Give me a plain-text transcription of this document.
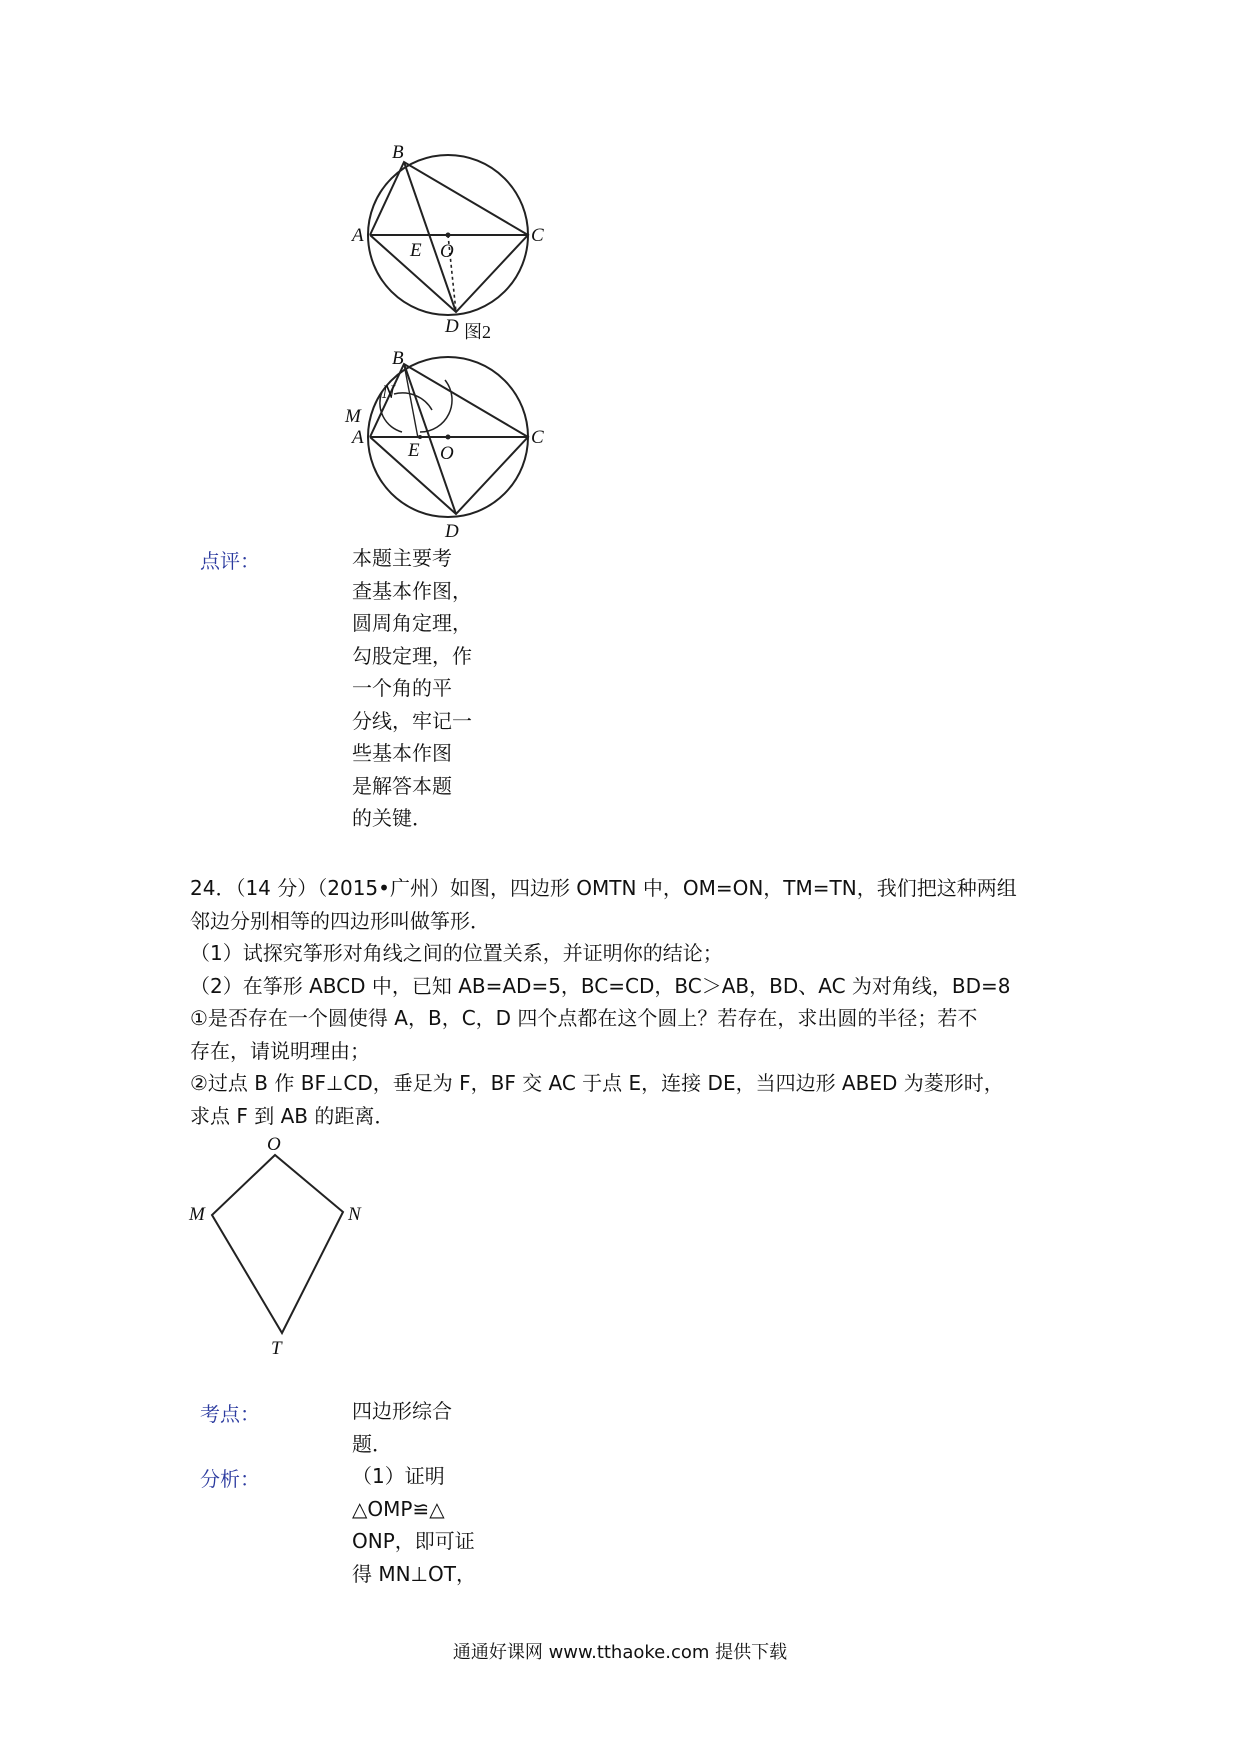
B
A	C
E O
D 图2
B
M
N
A	C
E O
D
点评：	本题主要考
查基本作图，
圆周角定理，
勾股定理，作
一个角的平
分线，牢记一
些基本作图
是解答本题
的关键．
24．（14 分）（2015•广州）如图，四边形 OMTN 中，OM=ON，TM=TN，我们把这种两组
邻边分别相等的四边形叫做筝形．
（1）试探究筝形对角线之间的位置关系，并证明你的结论；
（2）在筝形 ABCD 中，已知 AB=AD=5，BC=CD，BC＞AB，BD、AC 为对角线，BD=8
①是否存在一个圆使得 A，B，C，D 四个点都在这个圆上？若存在，求出圆的半径；若不
存在，请说明理由；
②过点 B 作 BF⊥CD，垂足为 F，BF 交 AC 于点 E，连接 DE，当四边形 ABED 为菱形时，
求点 F 到 AB 的距离．
O
M	N
T
考点：	四边形综合
题．
分析：	（1）证明
△OMP≌△
ONP，即可证
得 MN⊥OT，
通通好课网 www.tthaoke.com 提供下载
